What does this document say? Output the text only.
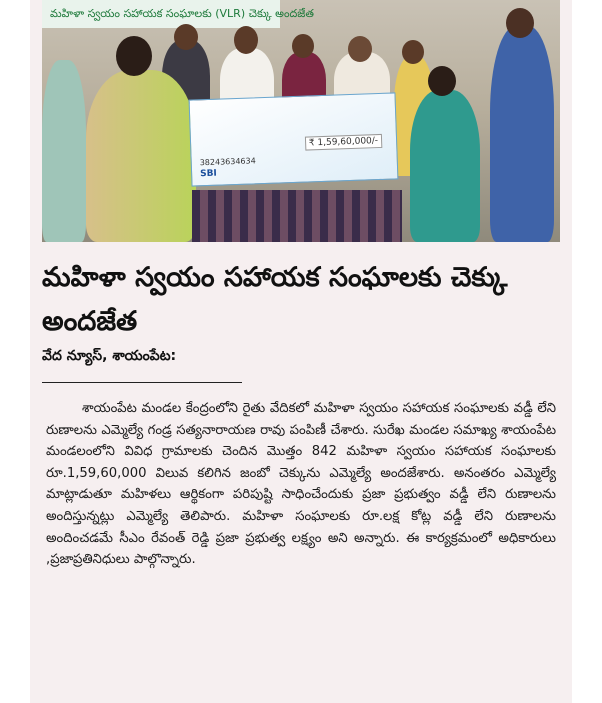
మహిళా స్వయం సహాయక సంఘాలకు (VLR) చెక్కు అందజేత
38243634634
₹ 1,59,60,000/-
SBI
మహిళా స్వయం సహాయక సంఘాలకు చెక్కు అందజేత
వేద న్యూస్, శాయంపేట:
శాయంపేట మండల కేంద్రంలోని రైతు వేదికలో మహిళా స్వయం సహాయక సంఘాలకు వడ్డీ లేని రుణాలను ఎమ్మెల్యే గండ్ర సత్యనారాయణ రావు పంపిణీ చేశారు. సురేఖ మండల సమాఖ్య శాయంపేట మండలంలోని వివిధ గ్రామాలకు చెందిన మొత్తం 842 మహిళా స్వయం సహాయక సంఘాలకు రూ.1,59,60,000 విలువ కలిగిన జంబో చెక్కును ఎమ్మెల్యే అందజేశారు. అనంతరం ఎమ్మెల్యే మాట్లాడుతూ మహిళలు ఆర్థికంగా పరిపుష్టి సాధించేందుకు ప్రజా ప్రభుత్వం వడ్డీ లేని రుణాలను అందిస్తున్నట్లు ఎమ్మెల్యే తెలిపారు. మహిళా సంఘాలకు రూ.లక్ష కోట్ల వడ్డీ లేని రుణాలను అందించడమే సీఎం రేవంత్ రెడ్డి ప్రజా ప్రభుత్వ లక్ష్యం అని అన్నారు. ఈ కార్యక్రమంలో అధికారులు ,ప్రజాప్రతినిధులు పాల్గొన్నారు.
